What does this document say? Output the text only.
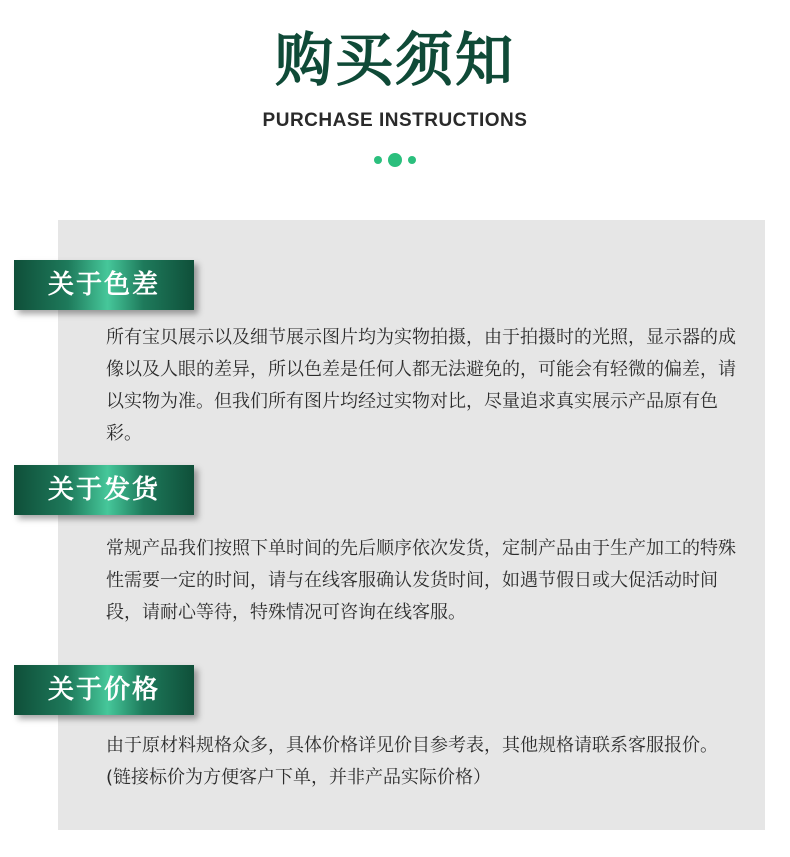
购买须知
PURCHASE INSTRUCTIONS
关于色差
所有宝贝展示以及细节展示图片均为实物拍摄，由于拍摄时的光照，显示器的成像以及人眼的差异，所以色差是任何人都无法避免的，可能会有轻微的偏差，请以实物为准。但我们所有图片均经过实物对比，尽量追求真实展示产品原有色彩。
关于发货
常规产品我们按照下单时间的先后顺序依次发货，定制产品由于生产加工的特殊性需要一定的时间，请与在线客服确认发货时间，如遇节假日或大促活动时间段，请耐心等待，特殊情况可咨询在线客服。
关于价格
由于原材料规格众多，具体价格详见价目参考表，其他规格请联系客服报价。(链接标价为方便客户下单，并非产品实际价格）
